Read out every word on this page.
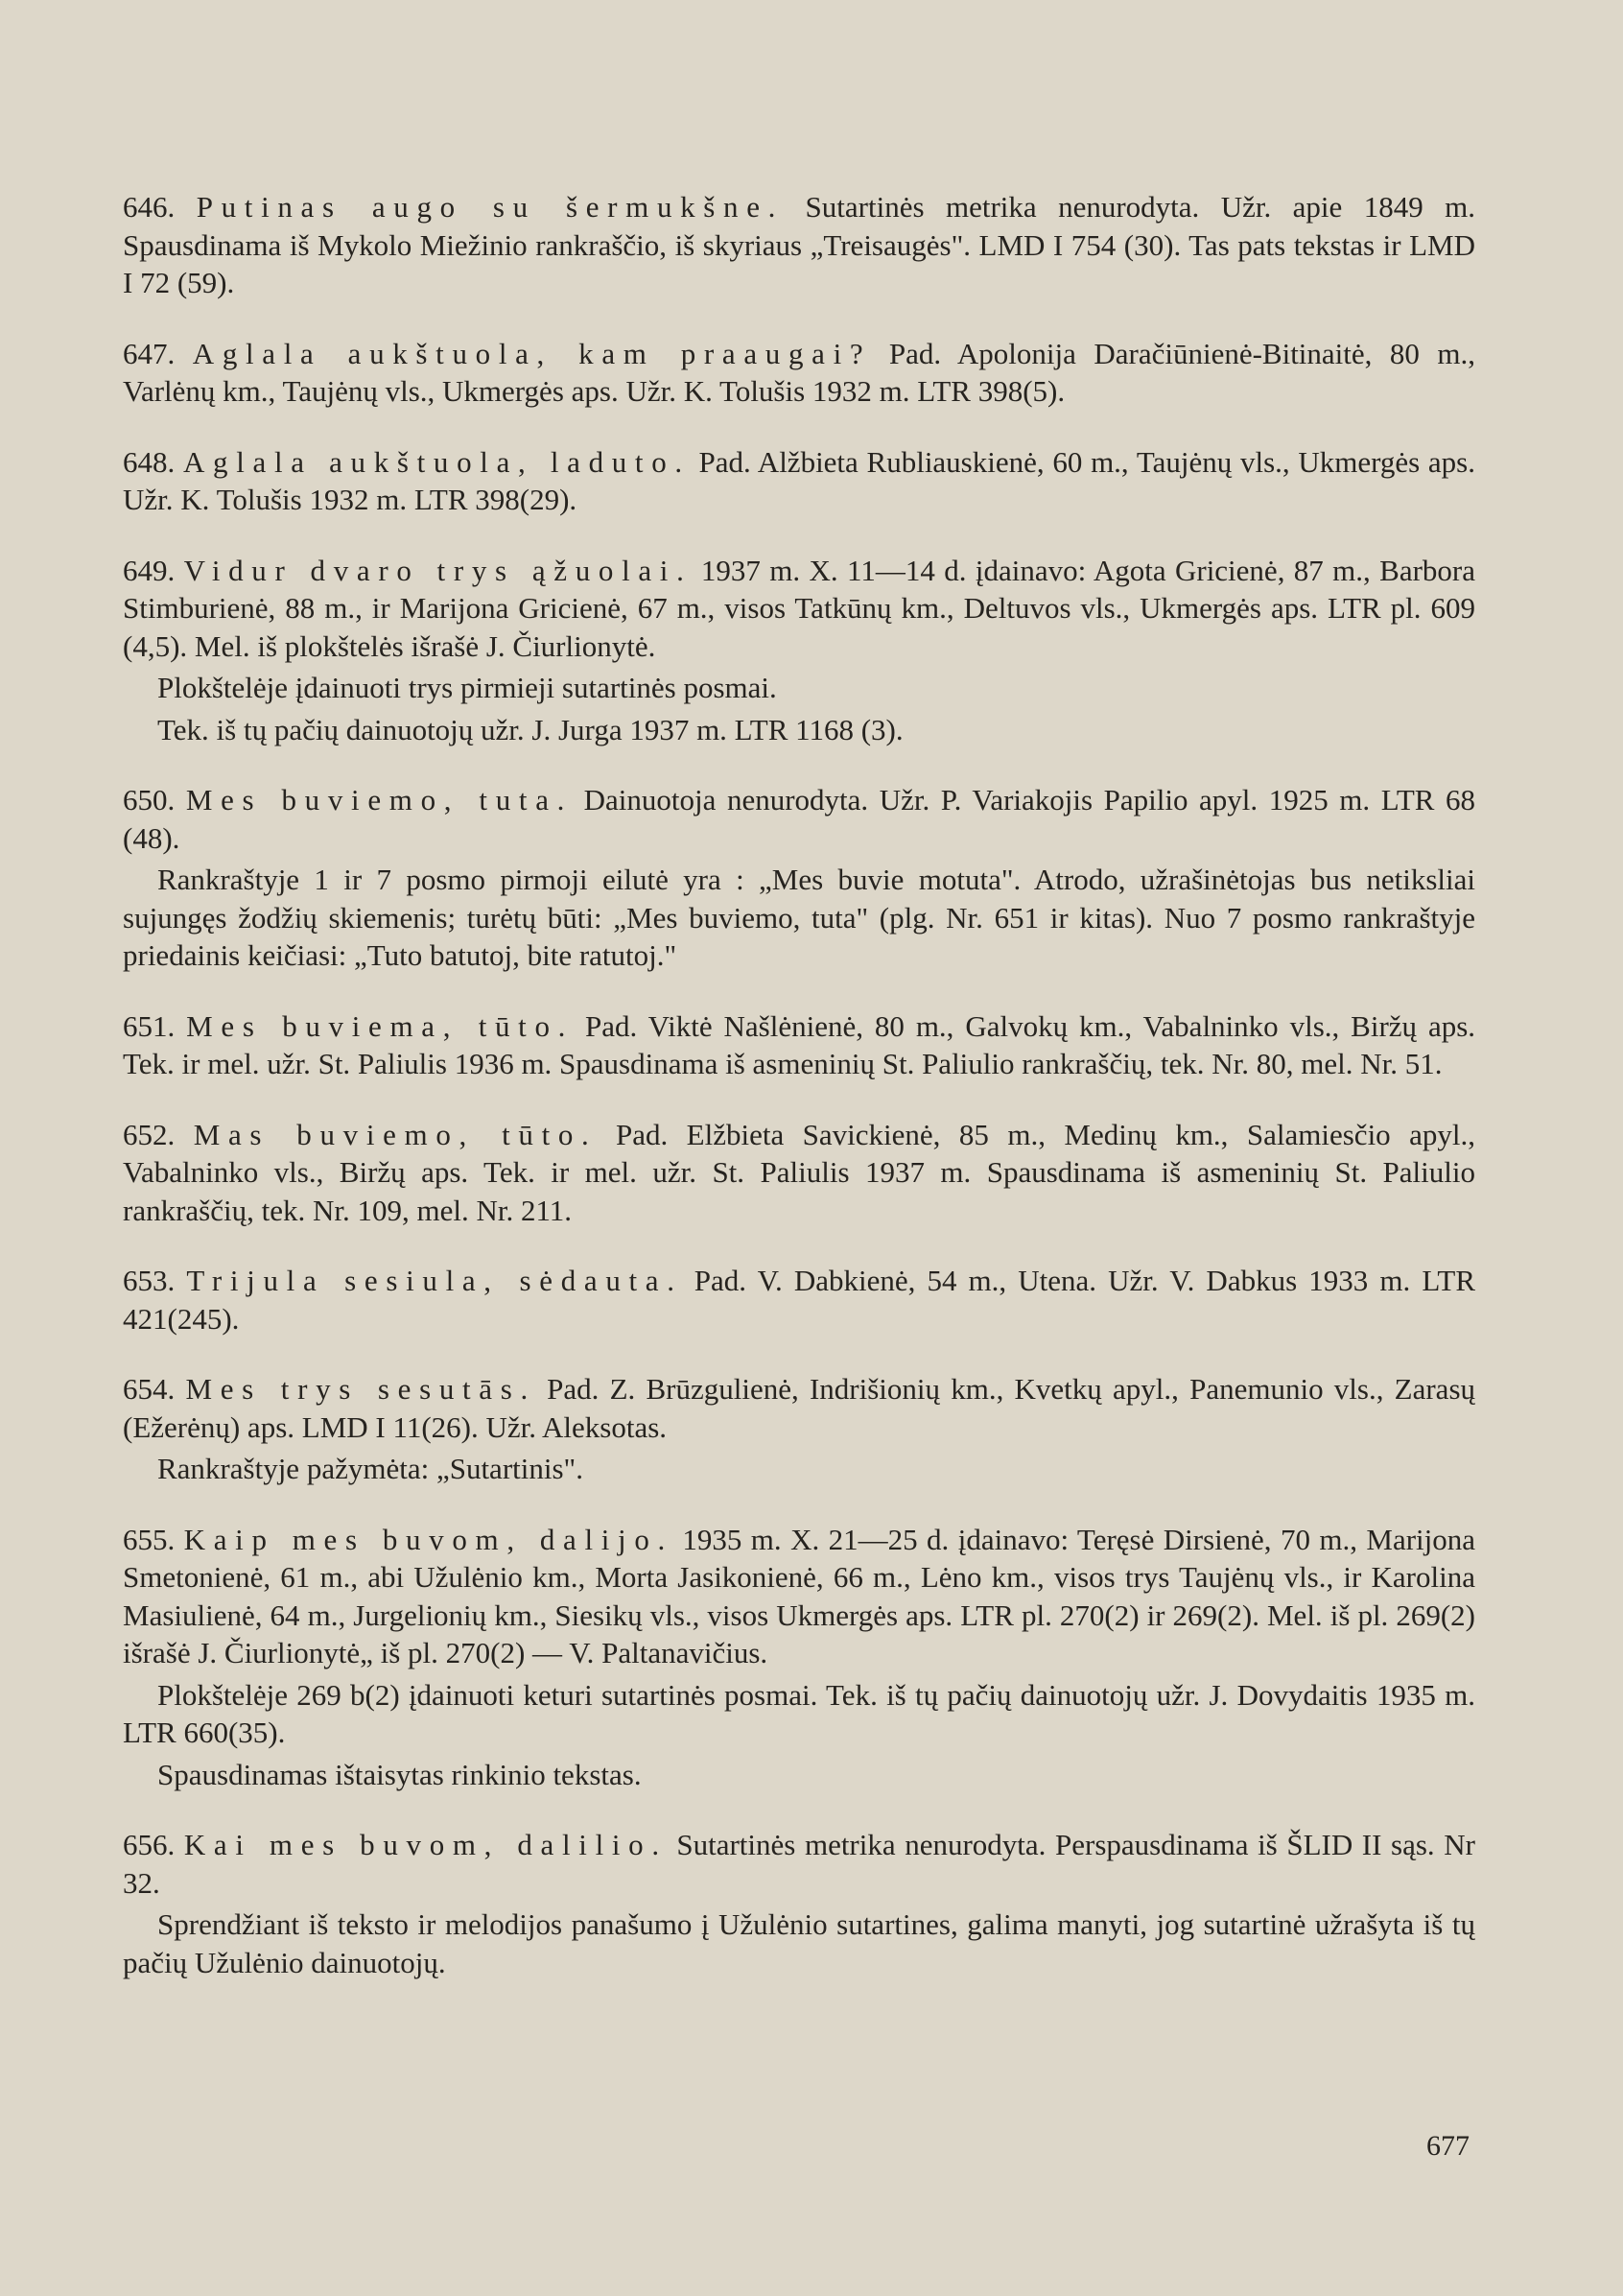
646. Putinas augo su šermukšne. Sutartinės metrika nenurodyta. Užr. apie 1849 m. Spausdinama iš Mykolo Miežinio rankraščio, iš skyriaus „Treisaugės". LMD I 754 (30). Tas pats tekstas ir LMD I 72 (59).

647. Aglala aukštuola, kam praaugai? Pad. Apolonija Daračiūnienė-Bitinaitė, 80 m., Varlėnų km., Taujėnų vls., Ukmergės aps. Užr. K. Tolušis 1932 m. LTR 398(5).

648. Aglala aukštuola, laduto. Pad. Alžbieta Rubliauskienė, 60 m., Taujėnų vls., Ukmergės aps. Užr. K. Tolušis 1932 m. LTR 398(29).

649. Vidur dvaro trys ąžuolai. 1937 m. X. 11—14 d. įdainavo: Agota Gricienė, 87 m., Barbora Stimburienė, 88 m., ir Marijona Gricienė, 67 m., visos Tatkūnų km., Deltuvos vls., Ukmergės aps. LTR pl. 609 (4,5). Mel. iš plokštelės išrašė J. Čiurlionytė.

Plokštelėje įdainuoti trys pirmieji sutartinės posmai.

Tek. iš tų pačių dainuotojų užr. J. Jurga 1937 m. LTR 1168 (3).

650. Mes buviemo, tuta. Dainuotoja nenurodyta. Užr. P. Variakojis Papilio apyl. 1925 m. LTR 68 (48).

Rankraštyje 1 ir 7 posmo pirmoji eilutė yra : „Mes buvie motuta". Atrodo, užrašinėtojas bus netiksliai sujungęs žodžių skiemenis; turėtų būti: „Mes buviemo, tuta" (plg. Nr. 651 ir kitas). Nuo 7 posmo rankraštyje priedainis keičiasi: „Tuto batutoj, bite ratutoj."

651. Mes buviema, tūto. Pad. Viktė Našlėnienė, 80 m., Galvokų km., Vabalninko vls., Biržų aps. Tek. ir mel. užr. St. Paliulis 1936 m. Spausdinama iš asmeninių St. Paliulio rankraščių, tek. Nr. 80, mel. Nr. 51.

652. Mas buviemo, tūto. Pad. Elžbieta Savickienė, 85 m., Medinų km., Salamiesčio apyl., Vabalninko vls., Biržų aps. Tek. ir mel. užr. St. Paliulis 1937 m. Spausdinama iš asmeninių St. Paliulio rankraščių, tek. Nr. 109, mel. Nr. 211.

653. Trijula sesiula, sėdauta. Pad. V. Dabkienė, 54 m., Utena. Užr. V. Dabkus 1933 m. LTR 421(245).

654. Mes trys sesutās. Pad. Z. Brūzgulienė, Indrišionių km., Kvetkų apyl., Panemunio vls., Zarasų (Ežerėnų) aps. LMD I 11(26). Užr. Aleksotas.

Rankraštyje pažymėta: „Sutartinis".

655. Kaip mes buvom, dalijo. 1935 m. X. 21—25 d. įdainavo: Teręsė Dirsienė, 70 m., Marijona Smetonienė, 61 m., abi Užulėnio km., Morta Jasikonienė, 66 m., Lėno km., visos trys Taujėnų vls., ir Karolina Masiulienė, 64 m., Jurgelionių km., Siesikų vls., visos Ukmergės aps. LTR pl. 270(2) ir 269(2). Mel. iš pl. 269(2) išrašė J. Čiurlionytė„ iš pl. 270(2) — V. Paltanavičius.

Plokštelėje 269 b(2) įdainuoti keturi sutartinės posmai. Tek. iš tų pačių dainuotojų užr. J. Dovydaitis 1935 m. LTR 660(35).

Spausdinamas ištaisytas rinkinio tekstas.

656. Kai mes buvom, dalilio. Sutartinės metrika nenurodyta. Perspausdinama iš ŠLID II sąs. Nr 32.

Sprendžiant iš teksto ir melodijos panašumo į Užulėnio sutartines, galima manyti, jog sutartinė užrašyta iš tų pačių Užulėnio dainuotojų.

677
